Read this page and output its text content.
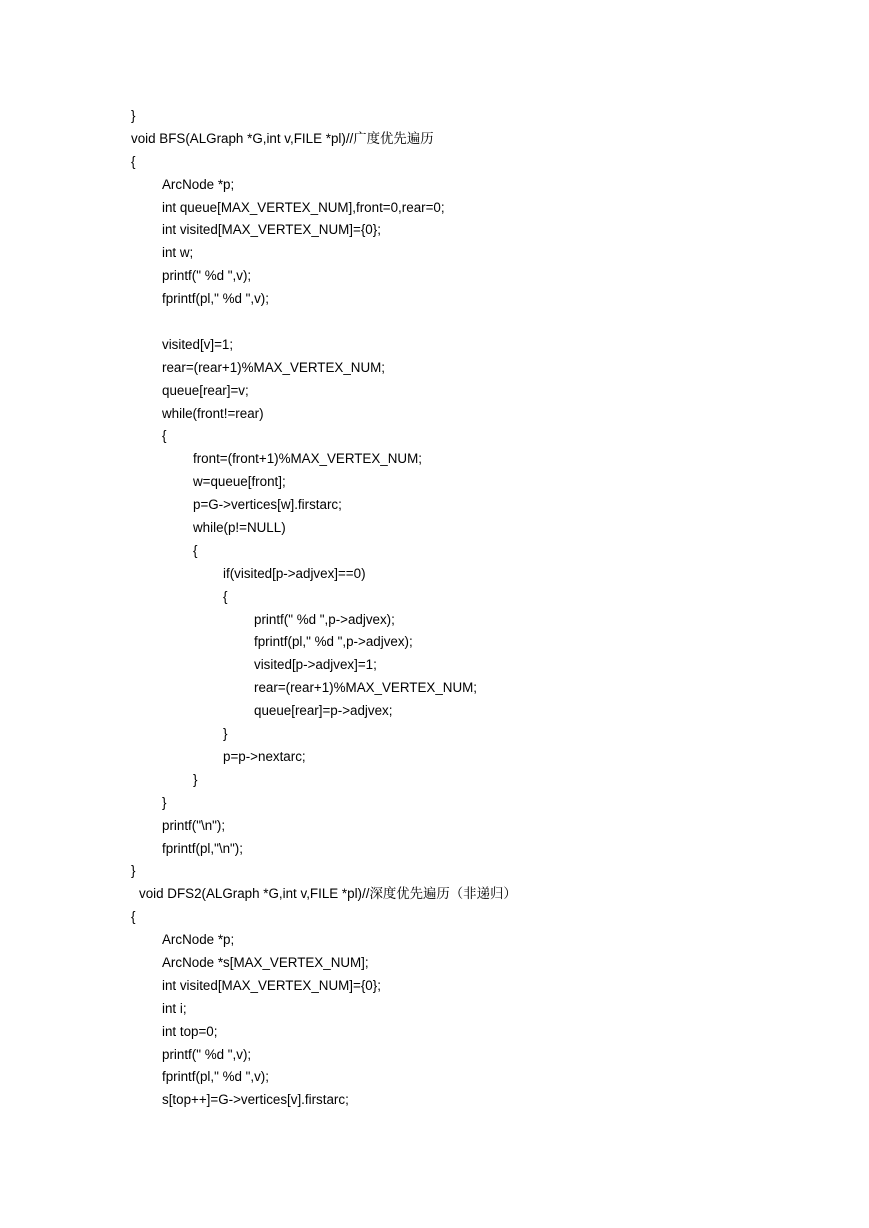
}
void BFS(ALGraph *G,int v,FILE *pl)//广度优先遍历
{
ArcNode *p;
int queue[MAX_VERTEX_NUM],front=0,rear=0;
int visited[MAX_VERTEX_NUM]={0};
int w;
printf(" %d ",v);
fprintf(pl," %d ",v);
visited[v]=1;
rear=(rear+1)%MAX_VERTEX_NUM;
queue[rear]=v;
while(front!=rear)
{
front=(front+1)%MAX_VERTEX_NUM;
w=queue[front];
p=G->vertices[w].firstarc;
while(p!=NULL)
{
if(visited[p->adjvex]==0)
{
printf(" %d ",p->adjvex);
fprintf(pl," %d ",p->adjvex);
visited[p->adjvex]=1;
rear=(rear+1)%MAX_VERTEX_NUM;
queue[rear]=p->adjvex;
}
p=p->nextarc;
}
}
printf("\n");
fprintf(pl,"\n");
}
void DFS2(ALGraph *G,int v,FILE *pl)//深度优先遍历（非递归）
{
ArcNode *p;
ArcNode *s[MAX_VERTEX_NUM];
int visited[MAX_VERTEX_NUM]={0};
int i;
int top=0;
printf(" %d ",v);
fprintf(pl," %d ",v);
s[top++]=G->vertices[v].firstarc;
